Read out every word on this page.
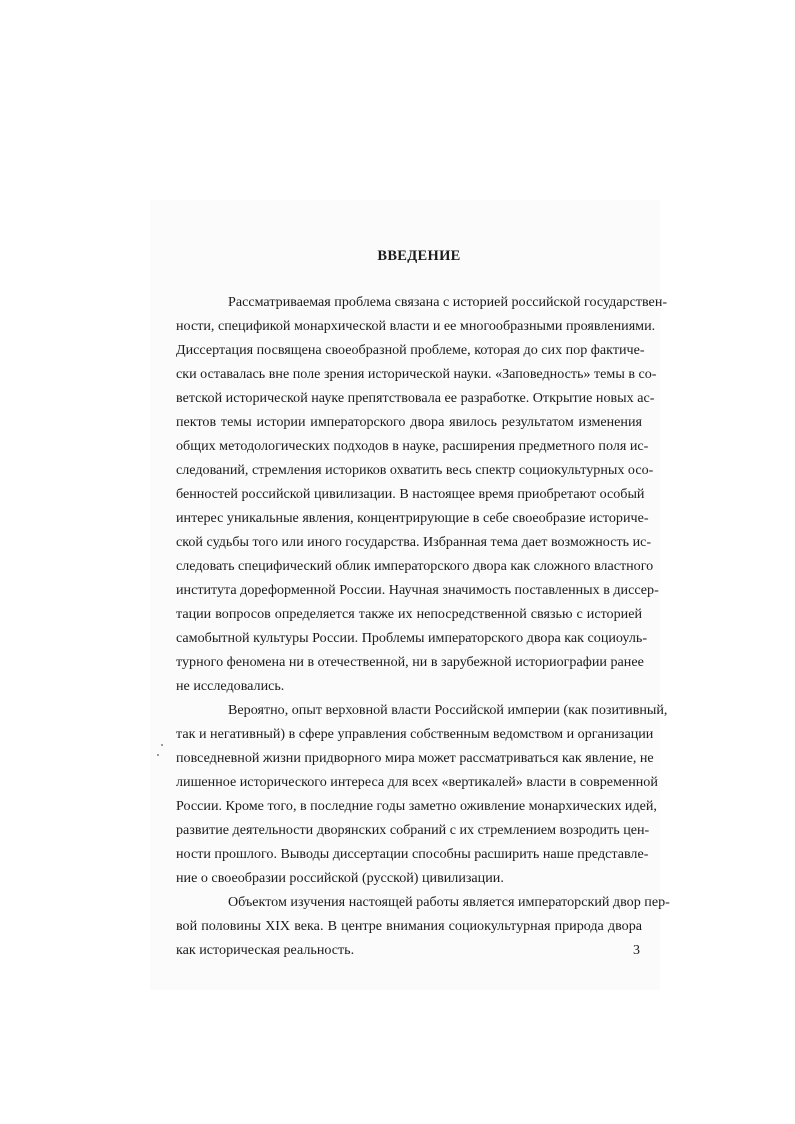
ВВЕДЕНИЕ

Рассматриваемая проблема связана с историей российской государствен-

ности, спецификой монархической власти и ее многообразными проявлениями.

Диссертация посвящена своеобразной проблеме, которая до сих пор фактиче-

ски оставалась вне поле зрения исторической науки. «Заповедность» темы в со-

ветской исторической науке препятствовала ее разработке. Открытие новых ас-

пектов темы истории императорского двора явилось результатом изменения

общих методологических подходов в науке, расширения предметного поля ис-

следований, стремления историков охватить весь спектр социокультурных осо-

бенностей российской цивилизации. В настоящее время приобретают особый

интерес уникальные явления, концентрирующие в себе своеобразие историче-

ской судьбы того или иного государства. Избранная тема дает возможность ис-

следовать специфический облик императорского двора как сложного властного

института дореформенной России. Научная значимость поставленных в диссер-

тации вопросов определяется также их непосредственной связью с историей

самобытной культуры России. Проблемы императорского двора как социоуль-

турного феномена ни в отечественной, ни в зарубежной историографии ранее

не исследовались.

Вероятно, опыт верховной власти Российской империи (как позитивный,

так и негативный) в сфере управления собственным ведомством и организации

повседневной жизни придворного мира может рассматриваться как явление, не

лишенное исторического интереса для всех «вертикалей» власти в современной

России. Кроме того, в последние годы заметно оживление монархических идей,

развитие деятельности дворянских собраний с их стремлением возродить цен-

ности прошлого. Выводы диссертации способны расширить наше представле-

ние о своеобразии российской (русской) цивилизации.

Объектом изучения настоящей работы является императорский двор пер-

вой половины XIX века. В центре внимания социокультурная природа двора

как историческая реальность.	3
